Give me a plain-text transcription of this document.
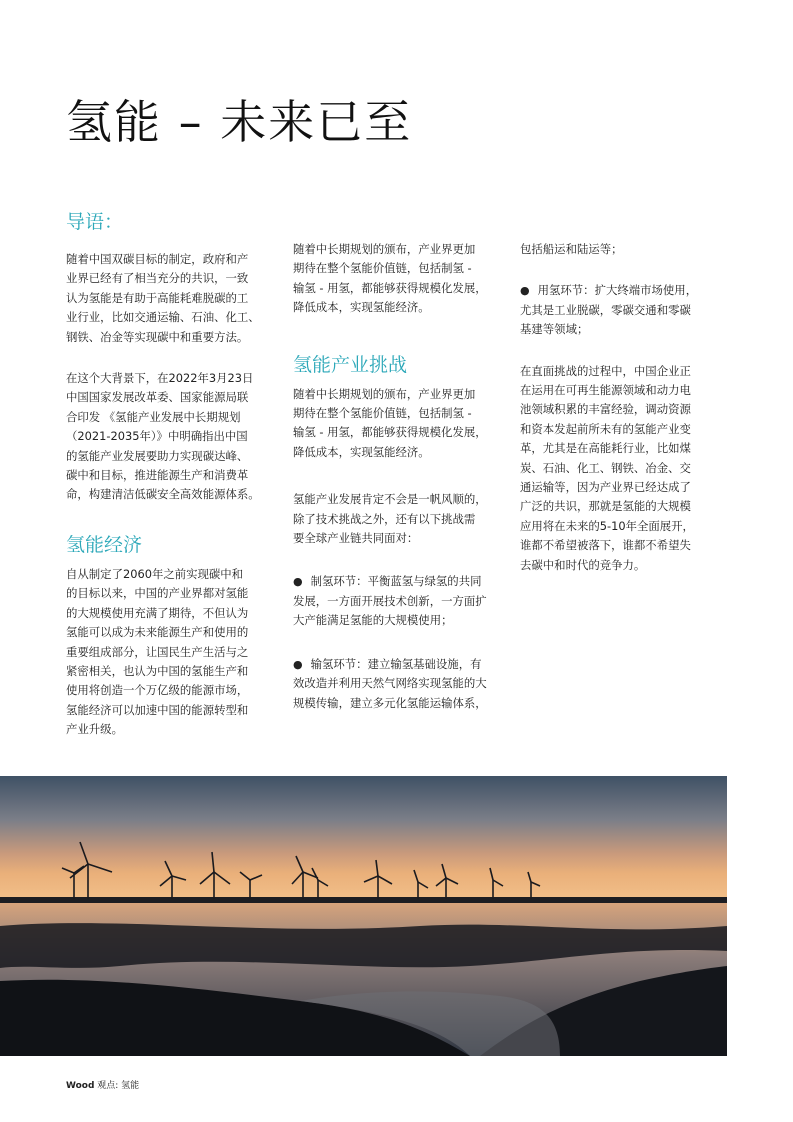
氢能 – 未来已至
导语：

随着中国双碳目标的制定，政府和产
业界已经有了相当充分的共识，一致
认为氢能是有助于高能耗难脱碳的工
业行业，比如交通运输、石油、化工、
钢铁、冶金等实现碳中和重要方法。

在这个大背景下，在2022年3月23日
中国国家发展改革委、国家能源局联
合印发 《氢能产业发展中长期规划
（2021-2035年）》中明确指出中国
的氢能产业发展要助力实现碳达峰、
碳中和目标，推进能源生产和消费革
命，构建清洁低碳安全高效能源体系。

氢能经济

自从制定了2060年之前实现碳中和
的目标以来，中国的产业界都对氢能
的大规模使用充满了期待，不但认为
氢能可以成为未来能源生产和使用的
重要组成部分，让国民生产生活与之
紧密相关，也认为中国的氢能生产和
使用将创造一个万亿级的能源市场，
氢能经济可以加速中国的能源转型和
产业升级。

随着中长期规划的颁布，产业界更加
期待在整个氢能价值链，包括制氢 -
输氢 - 用氢，都能够获得规模化发展，
降低成本，实现氢能经济。

氢能产业挑战

随着中长期规划的颁布，产业界更加
期待在整个氢能价值链，包括制氢 -
输氢 - 用氢，都能够获得规模化发展，
降低成本，实现氢能经济。

氢能产业发展肯定不会是一帆风顺的，
除了技术挑战之外，还有以下挑战需
要全球产业链共同面对：

● 制氢环节：平衡蓝氢与绿氢的共同
发展，一方面开展技术创新，一方面扩
大产能满足氢能的大规模使用；

● 输氢环节：建立输氢基础设施，有
效改造并利用天然气网络实现氢能的大
规模传输，建立多元化氢能运输体系，

包括船运和陆运等；

● 用氢环节：扩大终端市场使用，
尤其是工业脱碳，零碳交通和零碳
基建等领域；

在直面挑战的过程中，中国企业正
在运用在可再生能源领域和动力电
池领域积累的丰富经验，调动资源
和资本发起前所未有的氢能产业变
革，尤其是在高能耗行业，比如煤
炭、石油、化工、钢铁、冶金、交
通运输等，因为产业界已经达成了
广泛的共识，那就是氢能的大规模
应用将在未来的5-10年全面展开，
谁都不希望被落下，谁都不希望失
去碳中和时代的竞争力。

Wood 观点: 氢能
